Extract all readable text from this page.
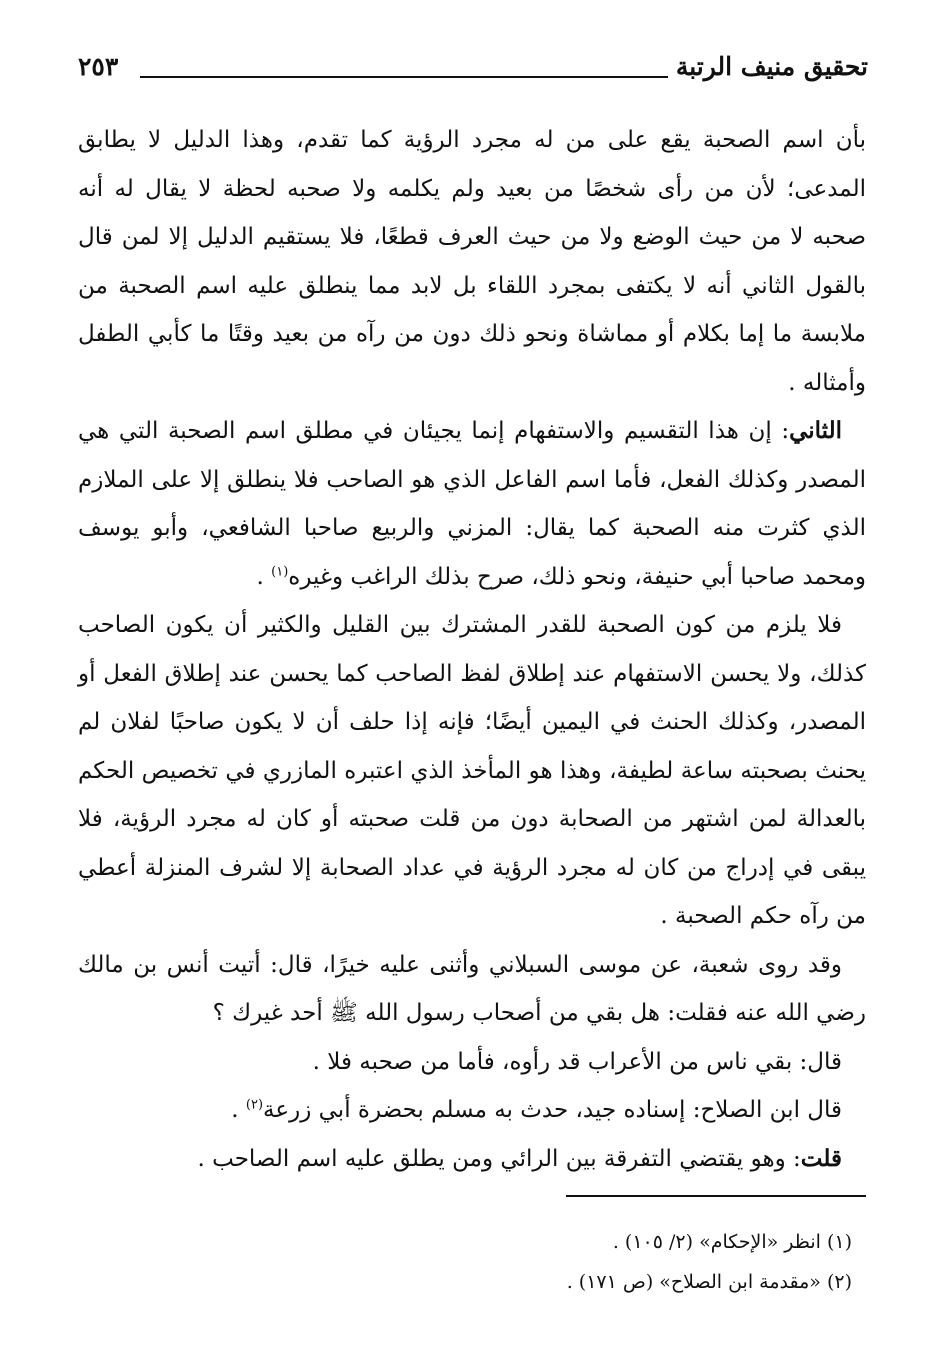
تحقيق منيف الرتبة
٢٥٣

بأن اسم الصحبة يقع على من له مجرد الرؤية كما تقدم، وهذا الدليل لا يطابق المدعى؛ لأن من رأى شخصًا من بعيد ولم يكلمه ولا صحبه لحظة لا يقال له أنه صحبه لا من حيث الوضع ولا من حيث العرف قطعًا، فلا يستقيم الدليل إلا لمن قال بالقول الثاني أنه لا يكتفى بمجرد اللقاء بل لابد مما ينطلق عليه اسم الصحبة من ملابسة ما إما بكلام أو مماشاة ونحو ذلك دون من رآه من بعيد وقتًا ما كأبي الطفل وأمثاله .

الثاني: إن هذا التقسيم والاستفهام إنما يجيئان في مطلق اسم الصحبة التي هي المصدر وكذلك الفعل، فأما اسم الفاعل الذي هو الصاحب فلا ينطلق إلا على الملازم الذي كثرت منه الصحبة كما يقال: المزني والربيع صاحبا الشافعي، وأبو يوسف ومحمد صاحبا أبي حنيفة، ونحو ذلك، صرح بذلك الراغب وغيره$^{(١)}$ .

فلا يلزم من كون الصحبة للقدر المشترك بين القليل والكثير أن يكون الصاحب كذلك، ولا يحسن الاستفهام عند إطلاق لفظ الصاحب كما يحسن عند إطلاق الفعل أو المصدر، وكذلك الحنث في اليمين أيضًا؛ فإنه إذا حلف أن لا يكون صاحبًا لفلان لم يحنث بصحبته ساعة لطيفة، وهذا هو المأخذ الذي اعتبره المازري في تخصيص الحكم بالعدالة لمن اشتهر من الصحابة دون من قلت صحبته أو كان له مجرد الرؤية، فلا يبقى في إدراج من كان له مجرد الرؤية في عداد الصحابة إلا لشرف المنزلة أعطي من رآه حكم الصحبة .

وقد روى شعبة، عن موسى السبلاني وأثنى عليه خيرًا، قال: أتيت أنس بن مالك رضي الله عنه فقلت: هل بقي من أصحاب رسول الله ﷺ أحد غيرك ؟

قال: بقي ناس من الأعراب قد رأوه، فأما من صحبه فلا .

قال ابن الصلاح: إسناده جيد، حدث به مسلم بحضرة أبي زرعة$^{(٢)}$ .

قلت: وهو يقتضي التفرقة بين الرائي ومن يطلق عليه اسم الصاحب .

(١) انظر «الإحكام» (٢/ ١٠٥) .

(٢) «مقدمة ابن الصلاح» (ص ١٧١) .
